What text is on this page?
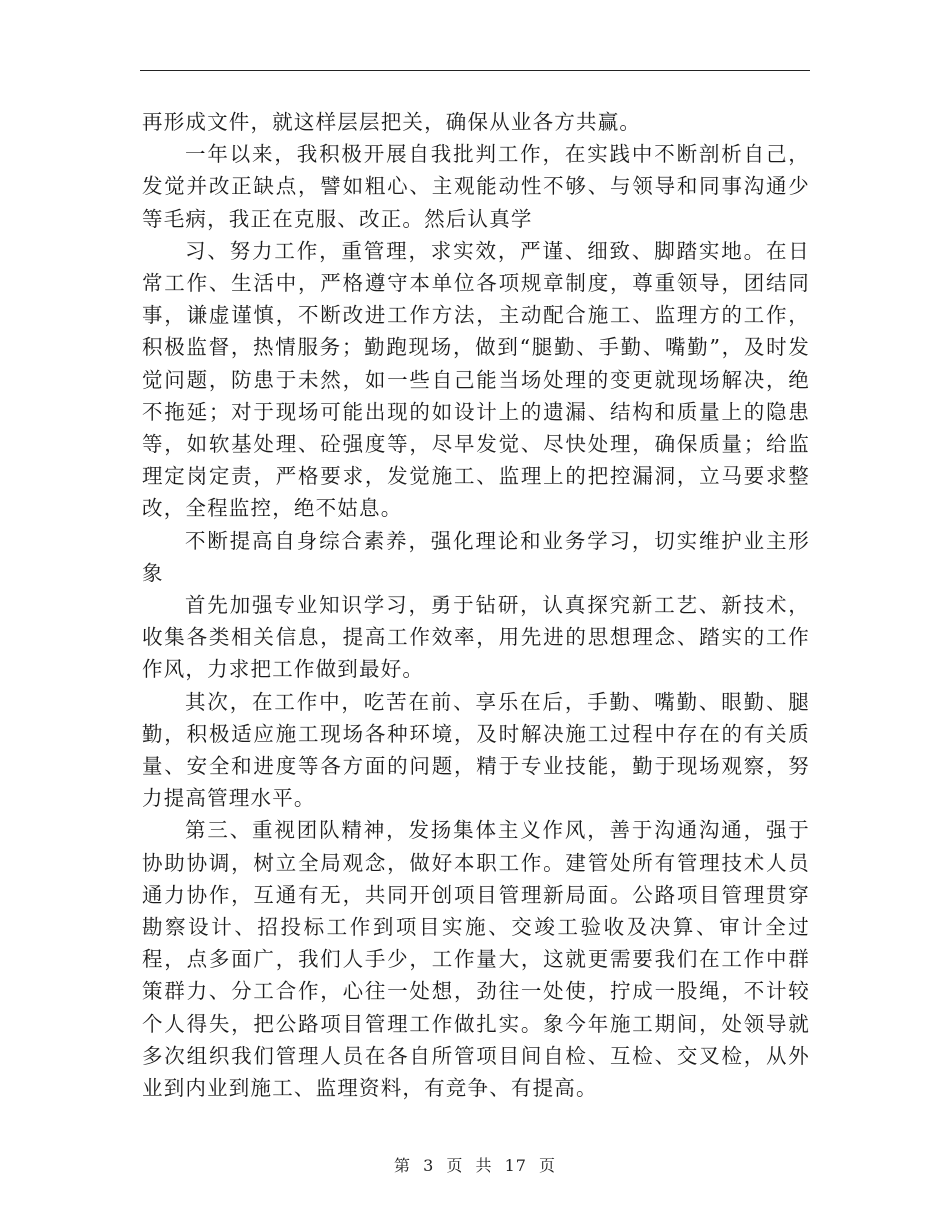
再形成文件，就这样层层把关，确保从业各方共赢。

一年以来，我积极开展自我批判工作，在实践中不断剖析自己，发觉并改正缺点，譬如粗心、主观能动性不够、与领导和同事沟通少等毛病，我正在克服、改正。然后认真学

习、努力工作，重管理，求实效，严谨、细致、脚踏实地。在日常工作、生活中，严格遵守本单位各项规章制度，尊重领导，团结同事，谦虚谨慎，不断改进工作方法，主动配合施工、监理方的工作，积极监督，热情服务；勤跑现场，做到“腿勤、手勤、嘴勤”，及时发觉问题，防患于未然，如一些自己能当场处理的变更就现场解决，绝不拖延；对于现场可能出现的如设计上的遗漏、结构和质量上的隐患等，如软基处理、砼强度等，尽早发觉、尽快处理，确保质量；给监理定岗定责，严格要求，发觉施工、监理上的把控漏洞，立马要求整改，全程监控，绝不姑息。

不断提高自身综合素养，强化理论和业务学习，切实维护业主形象

首先加强专业知识学习，勇于钻研，认真探究新工艺、新技术，收集各类相关信息，提高工作效率，用先进的思想理念、踏实的工作作风，力求把工作做到最好。

其次，在工作中，吃苦在前、享乐在后，手勤、嘴勤、眼勤、腿勤，积极适应施工现场各种环境，及时解决施工过程中存在的有关质量、安全和进度等各方面的问题，精于专业技能，勤于现场观察，努力提高管理水平。

第三、重视团队精神，发扬集体主义作风，善于沟通沟通，强于协助协调，树立全局观念，做好本职工作。建管处所有管理技术人员通力协作，互通有无，共同开创项目管理新局面。公路项目管理贯穿勘察设计、招投标工作到项目实施、交竣工验收及决算、审计全过程，点多面广，我们人手少，工作量大，这就更需要我们在工作中群策群力、分工合作，心往一处想，劲往一处使，拧成一股绳，不计较个人得失，把公路项目管理工作做扎实。象今年施工期间，处领导就多次组织我们管理人员在各自所管项目间自检、互检、交叉检，从外业到内业到施工、监理资料，有竞争、有提高。

第 3 页 共 17 页
